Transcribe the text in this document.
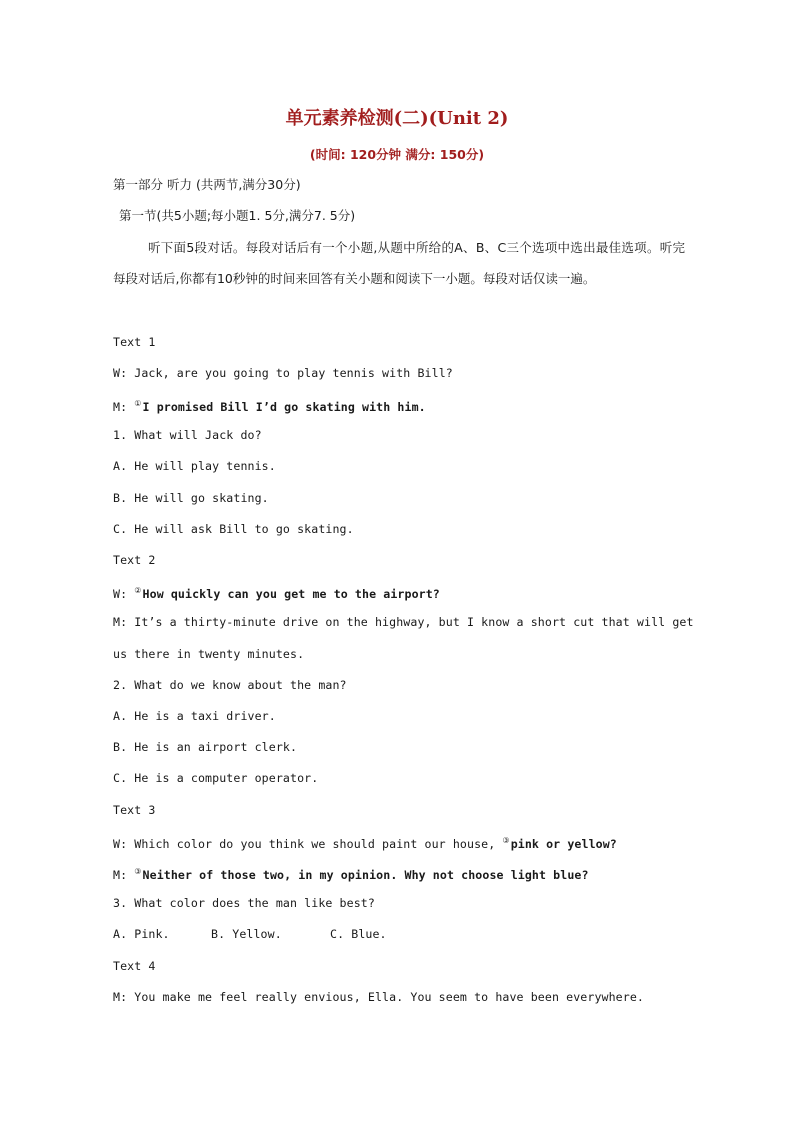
单元素养检测(二)(Unit 2)
(时间: 120分钟 满分: 150分)
第一部分 听力 (共两节,满分30分)
第一节(共5小题;每小题1. 5分,满分7. 5分)
听下面5段对话。每段对话后有一个小题,从题中所给的A、B、C三个选项中选出最佳选项。听完每段对话后,你都有10秒钟的时间来回答有关小题和阅读下一小题。每段对话仅读一遍。
Text 1
W: Jack, are you going to play tennis with Bill?
M: ①I promised Bill I’d go skating with him.
1. What will Jack do?
A. He will play tennis.
B. He will go skating.
C. He will ask Bill to go skating.
Text 2
W: ②How quickly can you get me to the airport?
M: It’s a thirty-minute drive on the highway, but I know a short cut that will get
us there in twenty minutes.
2. What do we know about the man?
A. He is a taxi driver.
B. He is an airport clerk.
C. He is a computer operator.
Text 3
W: Which color do you think we should paint our house, ③pink or yellow?
M: ③Neither of those two, in my opinion. Why not choose light blue?
3. What color does the man like best?
A. Pink.	B. Yellow.	C. Blue.
Text 4
M: You make me feel really envious, Ella. You seem to have been everywhere.
